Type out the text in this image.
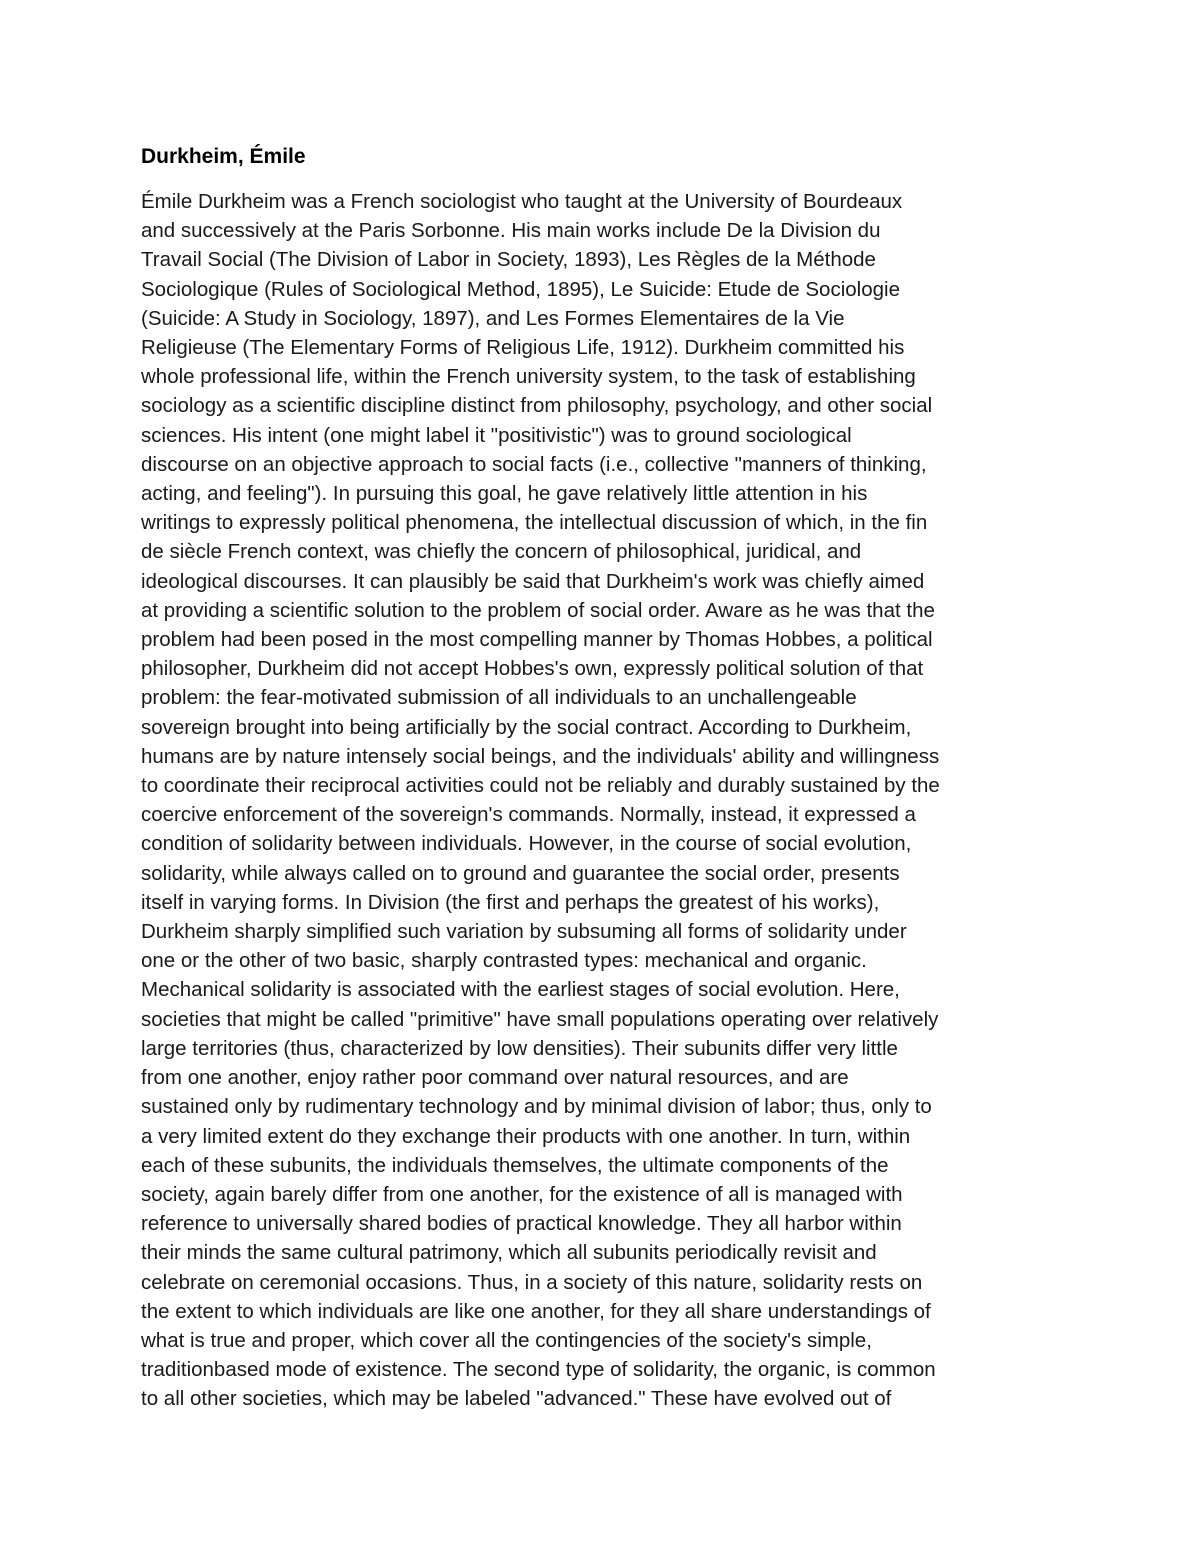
Durkheim, Émile
Émile Durkheim was a French sociologist who taught at the University of Bourdeaux
and successively at the Paris Sorbonne. His main works include De la Division du
Travail Social (The Division of Labor in Society, 1893), Les Règles de la Méthode
Sociologique (Rules of Sociological Method, 1895), Le Suicide: Etude de Sociologie
(Suicide: A Study in Sociology, 1897), and Les Formes Elementaires de la Vie
Religieuse (The Elementary Forms of Religious Life, 1912). Durkheim committed his
whole professional life, within the French university system, to the task of establishing
sociology as a scientific discipline distinct from philosophy, psychology, and other social
sciences. His intent (one might label it "positivistic") was to ground sociological
discourse on an objective approach to social facts (i.e., collective "manners of thinking,
acting, and feeling"). In pursuing this goal, he gave relatively little attention in his
writings to expressly political phenomena, the intellectual discussion of which, in the fin
de siècle French context, was chiefly the concern of philosophical, juridical, and
ideological discourses. It can plausibly be said that Durkheim's work was chiefly aimed
at providing a scientific solution to the problem of social order. Aware as he was that the
problem had been posed in the most compelling manner by Thomas Hobbes, a political
philosopher, Durkheim did not accept Hobbes's own, expressly political solution of that
problem: the fear-motivated submission of all individuals to an unchallengeable
sovereign brought into being artificially by the social contract. According to Durkheim,
humans are by nature intensely social beings, and the individuals' ability and willingness
to coordinate their reciprocal activities could not be reliably and durably sustained by the
coercive enforcement of the sovereign's commands. Normally, instead, it expressed a
condition of solidarity between individuals. However, in the course of social evolution,
solidarity, while always called on to ground and guarantee the social order, presents
itself in varying forms. In Division (the first and perhaps the greatest of his works),
Durkheim sharply simplified such variation by subsuming all forms of solidarity under
one or the other of two basic, sharply contrasted types: mechanical and organic.
Mechanical solidarity is associated with the earliest stages of social evolution. Here,
societies that might be called "primitive" have small populations operating over relatively
large territories (thus, characterized by low densities). Their subunits differ very little
from one another, enjoy rather poor command over natural resources, and are
sustained only by rudimentary technology and by minimal division of labor; thus, only to
a very limited extent do they exchange their products with one another. In turn, within
each of these subunits, the individuals themselves, the ultimate components of the
society, again barely differ from one another, for the existence of all is managed with
reference to universally shared bodies of practical knowledge. They all harbor within
their minds the same cultural patrimony, which all subunits periodically revisit and
celebrate on ceremonial occasions. Thus, in a society of this nature, solidarity rests on
the extent to which individuals are like one another, for they all share understandings of
what is true and proper, which cover all the contingencies of the society's simple,
traditionbased mode of existence. The second type of solidarity, the organic, is common
to all other societies, which may be labeled "advanced." These have evolved out of
